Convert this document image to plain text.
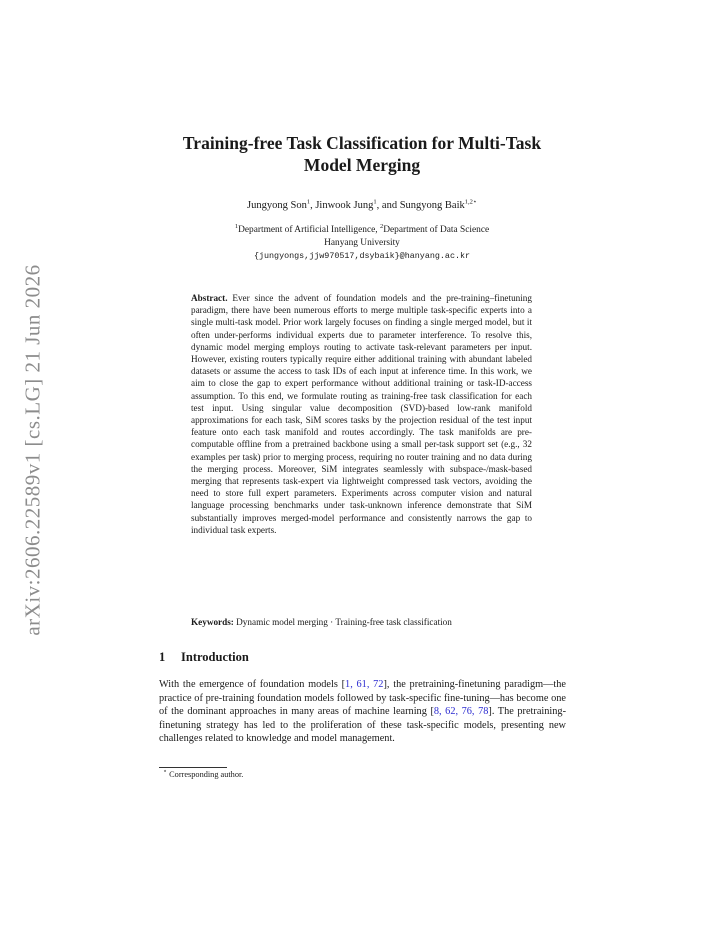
arXiv:2606.22589v1 [cs.LG] 21 Jun 2026
Training-free Task Classification for Multi-Task
Model Merging
Jungyong Son$^1$, Jinwook Jung$^1$, and Sungyong Baik$^{1,2⋆}$
$^1$Department of Artificial Intelligence, $^2$Department of Data Science
Hanyang University
{jungyongs,jjw970517,dsybaik}@hanyang.ac.kr
Abstract. Ever since the advent of foundation models and the pre-training–finetuning paradigm, there have been numerous efforts to merge multiple task-specific experts into a single multi-task model. Prior work largely focuses on finding a single merged model, but it often under-performs individual experts due to parameter interference. To resolve this, dynamic model merging employs routing to activate task-relevant parameters per input. However, existing routers typically require either additional training with abundant labeled datasets or assume the access to task IDs of each input at inference time. In this work, we aim to close the gap to expert performance without additional training or task-ID-access assumption. To this end, we formulate routing as training-free task classification for each test input. Using singular value decomposition (SVD)-based low-rank manifold approximations for each task, SiM scores tasks by the projection residual of the test input feature onto each task manifold and routes accordingly. The task manifolds are pre-computable offline from a pretrained backbone using a small per-task support set (e.g., 32 examples per task) prior to merging process, requiring no router training and no data during the merging process. Moreover, SiM integrates seamlessly with subspace-/mask-based merging that represents task-expert via lightweight compressed task vectors, avoiding the need to store full expert parameters. Experiments across computer vision and natural language processing benchmarks under task-unknown inference demonstrate that SiM substantially improves merged-model performance and consistently narrows the gap to individual task experts.
Keywords: Dynamic model merging · Training-free task classification
1 Introduction
With the emergence of foundation models [1, 61, 72], the pretraining-finetuning paradigm—the practice of pre-training foundation models followed by task-specific fine-tuning—has become one of the dominant approaches in many areas of machine learning [8, 62, 76, 78]. The pretraining-finetuning strategy has led to the proliferation of these task-specific models, presenting new challenges related to knowledge and model management.
⋆ Corresponding author.
